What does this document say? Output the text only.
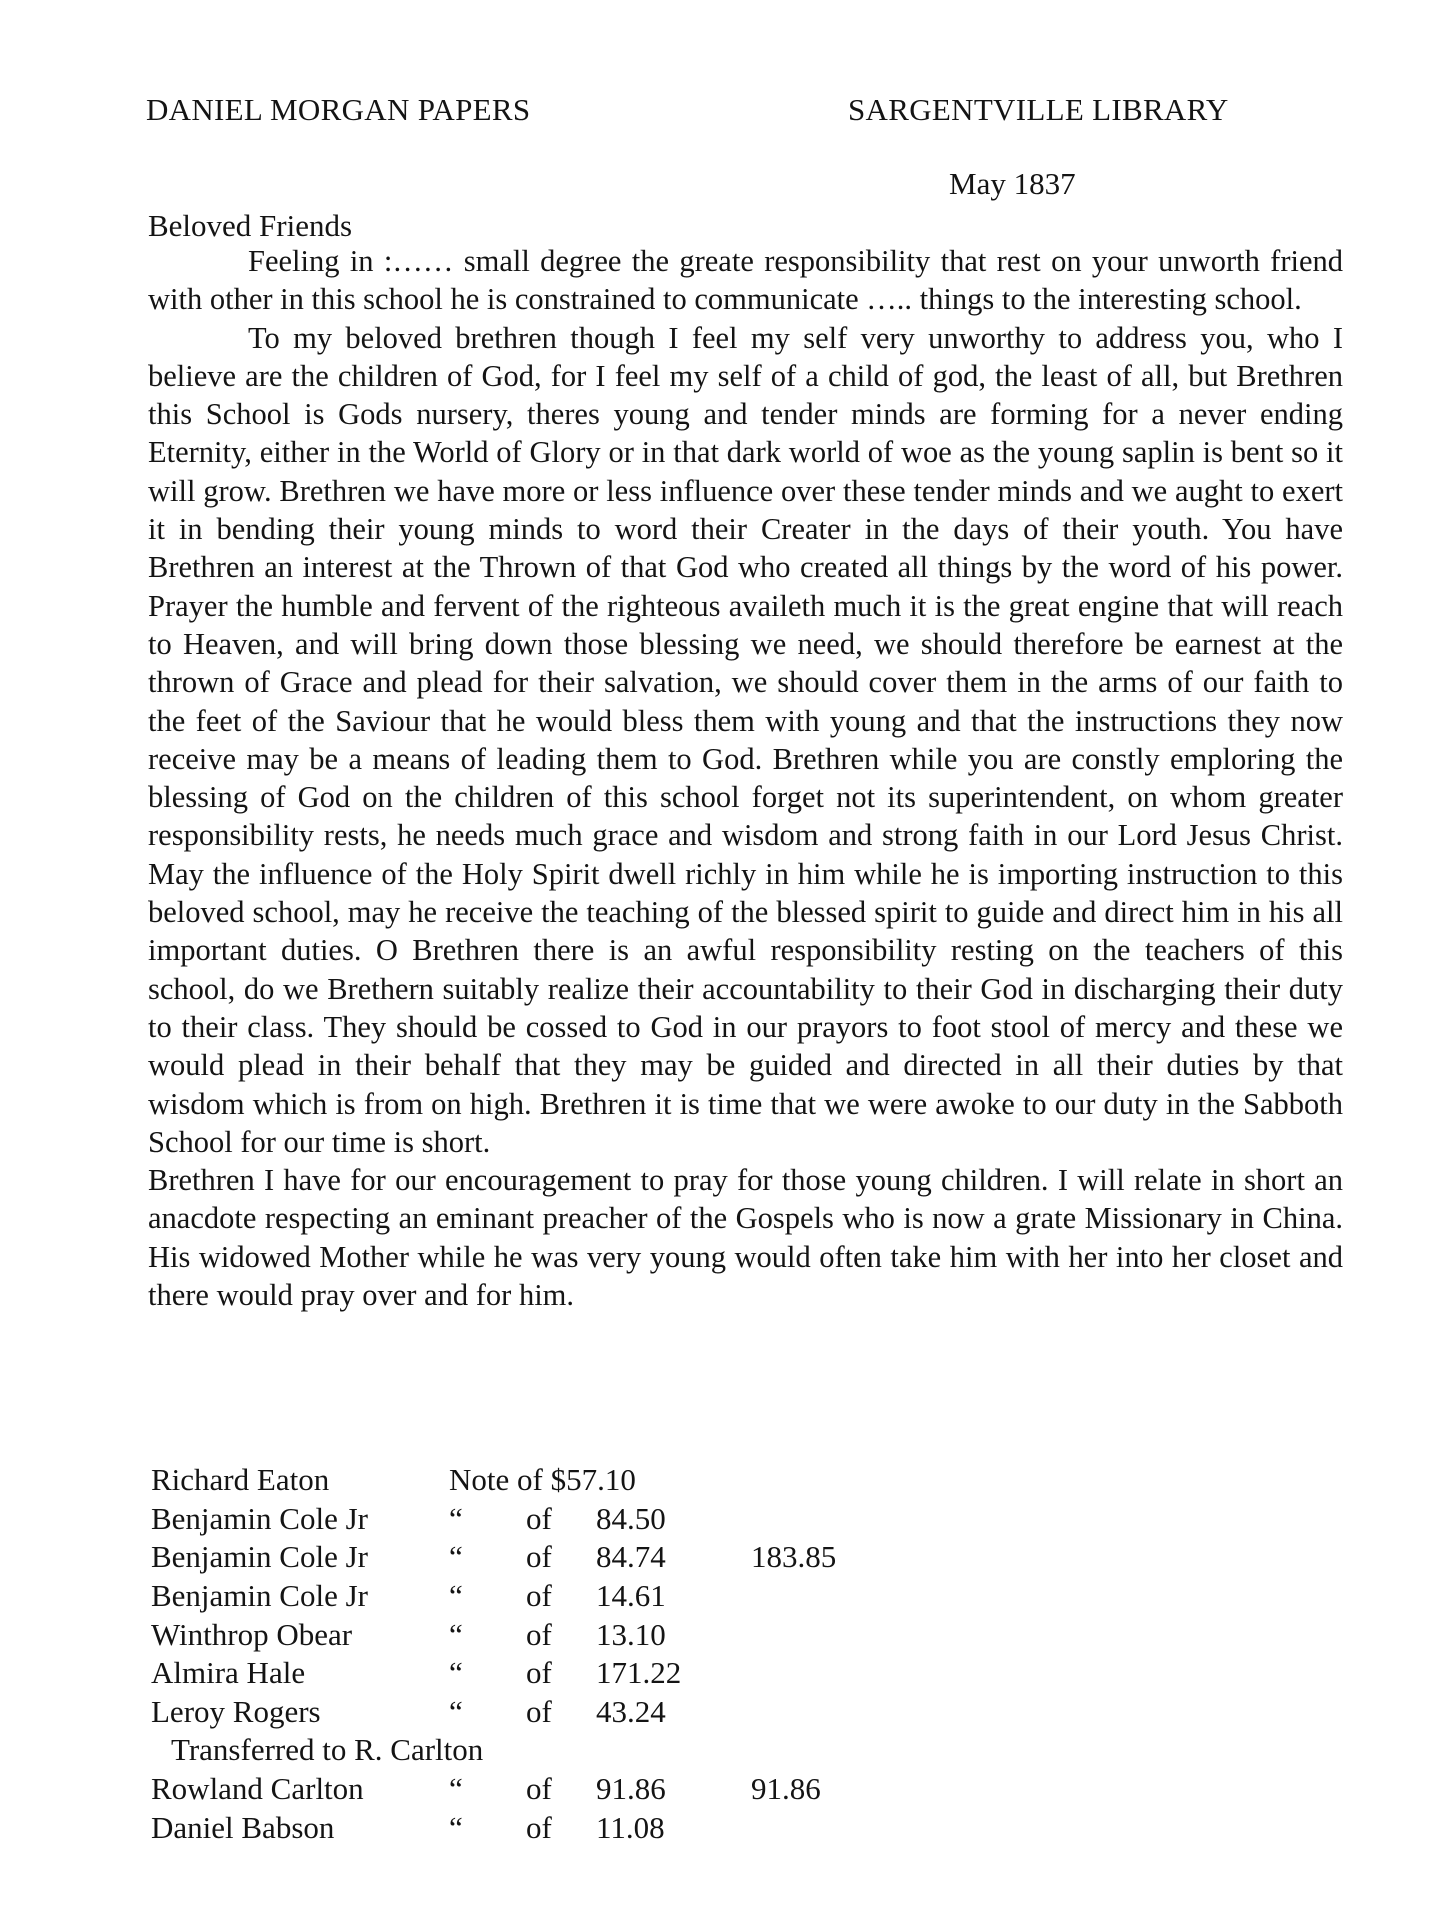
DANIEL MORGAN PAPERS	SARGENTVILLE LIBRARY
May 1837
Beloved Friends

Feeling in :…… small degree the greate responsibility that rest on your unworth friend with other in this school he is constrained to communicate ….. things to the interesting school.

To my beloved brethren though I feel my self very unworthy to address you, who I believe are the children of God, for I feel my self of a child of god, the least of all, but Brethren this School is Gods nursery, theres young and tender minds are forming for a never ending Eternity, either in the World of Glory or in that dark world of woe as the young saplin is bent so it will grow. Brethren we have more or less influence over these tender minds and we aught to exert it in bending their young minds to word their Creater in the days of their youth. You have Brethren an interest at the Thrown of that God who created all things by the word of his power. Prayer the humble and fervent of the righteous availeth much it is the great engine that will reach to Heaven, and will bring down those blessing we need, we should therefore be earnest at the thrown of Grace and plead for their salvation, we should cover them in the arms of our faith to the feet of the Saviour that he would bless them with young and that the instructions they now receive may be a means of leading them to God. Brethren while you are constly emploring the blessing of God on the children of this school forget not its superintendent, on whom greater responsibility rests, he needs much grace and wisdom and strong faith in our Lord Jesus Christ. May the influence of the Holy Spirit dwell richly in him while he is importing instruction to this beloved school, may he receive the teaching of the blessed spirit to guide and direct him in his all important duties. O Brethren there is an awful responsibility resting on the teachers of this school, do we Brethern suitably realize their accountability to their God in discharging their duty to their class. They should be cossed to God in our prayors to foot stool of mercy and these we would plead in their behalf that they may be guided and directed in all their duties by that wisdom which is from on high. Brethren it is time that we were awoke to our duty in the Sabboth School for our time is short.

Brethren I have for our encouragement to pray for those young children. I will relate in short an anacdote respecting an eminant preacher of the Gospels who is now a grate Missionary in China. His widowed Mother while he was very young would often take him with her into her closet and there would pray over and for him.

Richard Eaton	Note of $57.10			
Benjamin Cole Jr	“	of	84.50	
Benjamin Cole Jr	“	of	84.74	183.85
Benjamin Cole Jr	“	of	14.61	
Winthrop Obear	“	of	13.10	
Almira Hale	“	of	171.22	
Leroy Rogers	“	of	43.24	
Transferred to R. Carlton				
Rowland Carlton	“	of	91.86	91.86
Daniel Babson	“	of	11.08	
